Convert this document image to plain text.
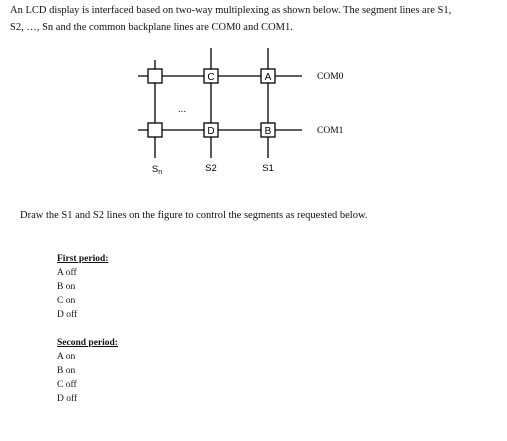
An LCD display is interfaced based on two-way multiplexing as shown below. The segment lines are S1,

S2, …, Sn and the common backplane lines are COM0 and COM1.

C	A
D	B
...
COM0
COM1
$S_n$	S2	S1
Draw the S1 and S2 lines on the figure to control the segments as requested below.
First period:
A off
B on
C on
D off
Second period:
A on
B on
C off
D off
